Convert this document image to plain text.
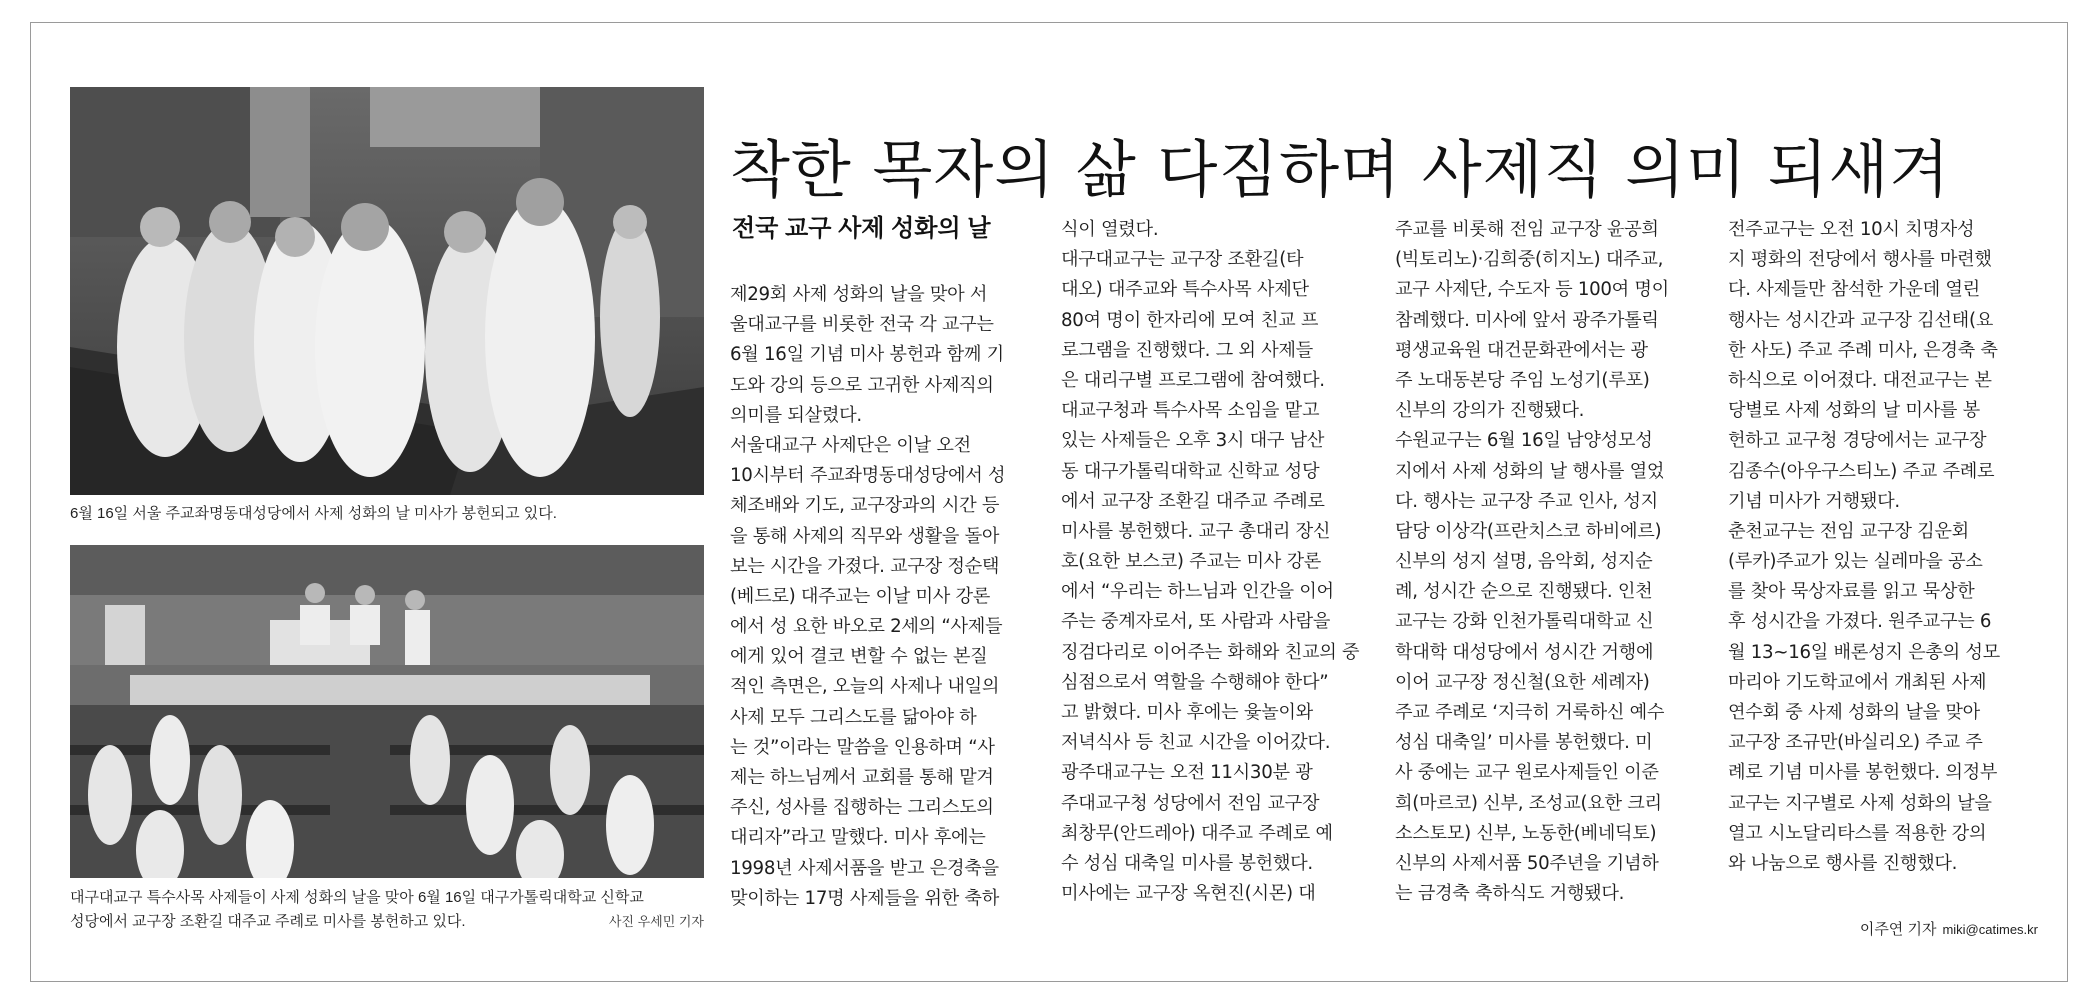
6월 16일 서울 주교좌명동대성당에서 사제 성화의 날 미사가 봉헌되고 있다.
대구대교구 특수사목 사제들이 사제 성화의 날을 맞아 6월 16일 대구가톨릭대학교 신학교
성당에서 교구장 조환길 대주교 주례로 미사를 봉헌하고 있다.	사진 우세민 기자
착한 목자의 삶 다짐하며 사제직 의미 되새겨
전국 교구 사제 성화의 날
제29회 사제 성화의 날을 맞아 서
울대교구를 비롯한 전국 각 교구는
6월 16일 기념 미사 봉헌과 함께 기
도와 강의 등으로 고귀한 사제직의
의미를 되살렸다.
서울대교구 사제단은 이날 오전
10시부터 주교좌명동대성당에서 성
체조배와 기도, 교구장과의 시간 등
을 통해 사제의 직무와 생활을 돌아
보는 시간을 가졌다. 교구장 정순택
(베드로) 대주교는 이날 미사 강론
에서 성 요한 바오로 2세의 “사제들
에게 있어 결코 변할 수 없는 본질
적인 측면은, 오늘의 사제나 내일의
사제 모두 그리스도를 닮아야 하
는 것”이라는 말씀을 인용하며 “사
제는 하느님께서 교회를 통해 맡겨
주신, 성사를 집행하는 그리스도의
대리자”라고 말했다. 미사 후에는
1998년 사제서품을 받고 은경축을
맞이하는 17명 사제들을 위한 축하
식이 열렸다.
대구대교구는 교구장 조환길(타
대오) 대주교와 특수사목 사제단
80여 명이 한자리에 모여 친교 프
로그램을 진행했다. 그 외 사제들
은 대리구별 프로그램에 참여했다.
대교구청과 특수사목 소임을 맡고
있는 사제들은 오후 3시 대구 남산
동 대구가톨릭대학교 신학교 성당
에서 교구장 조환길 대주교 주례로
미사를 봉헌했다. 교구 총대리 장신
호(요한 보스코) 주교는 미사 강론
에서 “우리는 하느님과 인간을 이어
주는 중계자로서, 또 사람과 사람을
징검다리로 이어주는 화해와 친교의 중
심점으로서 역할을 수행해야 한다”
고 밝혔다. 미사 후에는 윷놀이와
저녁식사 등 친교 시간을 이어갔다.
광주대교구는 오전 11시30분 광
주대교구청 성당에서 전임 교구장
최창무(안드레아) 대주교 주례로 예
수 성심 대축일 미사를 봉헌했다.
미사에는 교구장 옥현진(시몬) 대
주교를 비롯해 전임 교구장 윤공희
(빅토리노)·김희중(히지노) 대주교,
교구 사제단, 수도자 등 100여 명이
참례했다. 미사에 앞서 광주가톨릭
평생교육원 대건문화관에서는 광
주 노대동본당 주임 노성기(루포)
신부의 강의가 진행됐다.
수원교구는 6월 16일 남양성모성
지에서 사제 성화의 날 행사를 열었
다. 행사는 교구장 주교 인사, 성지
담당 이상각(프란치스코 하비에르)
신부의 성지 설명, 음악회, 성지순
례, 성시간 순으로 진행됐다. 인천
교구는 강화 인천가톨릭대학교 신
학대학 대성당에서 성시간 거행에
이어 교구장 정신철(요한 세례자)
주교 주례로 ‘지극히 거룩하신 예수
성심 대축일’ 미사를 봉헌했다. 미
사 중에는 교구 원로사제들인 이준
희(마르코) 신부, 조성교(요한 크리
소스토모) 신부, 노동한(베네딕토)
신부의 사제서품 50주년을 기념하
는 금경축 축하식도 거행됐다.
전주교구는 오전 10시 치명자성
지 평화의 전당에서 행사를 마련했
다. 사제들만 참석한 가운데 열린
행사는 성시간과 교구장 김선태(요
한 사도) 주교 주례 미사, 은경축 축
하식으로 이어졌다. 대전교구는 본
당별로 사제 성화의 날 미사를 봉
헌하고 교구청 경당에서는 교구장
김종수(아우구스티노) 주교 주례로
기념 미사가 거행됐다.
춘천교구는 전임 교구장 김운회
(루카)주교가 있는 실레마을 공소
를 찾아 묵상자료를 읽고 묵상한
후 성시간을 가졌다. 원주교구는 6
월 13~16일 배론성지 은총의 성모
마리아 기도학교에서 개최된 사제
연수회 중 사제 성화의 날을 맞아
교구장 조규만(바실리오) 주교 주
례로 기념 미사를 봉헌했다. 의정부
교구는 지구별로 사제 성화의 날을
열고 시노달리타스를 적용한 강의
와 나눔으로 행사를 진행했다.
이주연 기자 miki@catimes.kr
